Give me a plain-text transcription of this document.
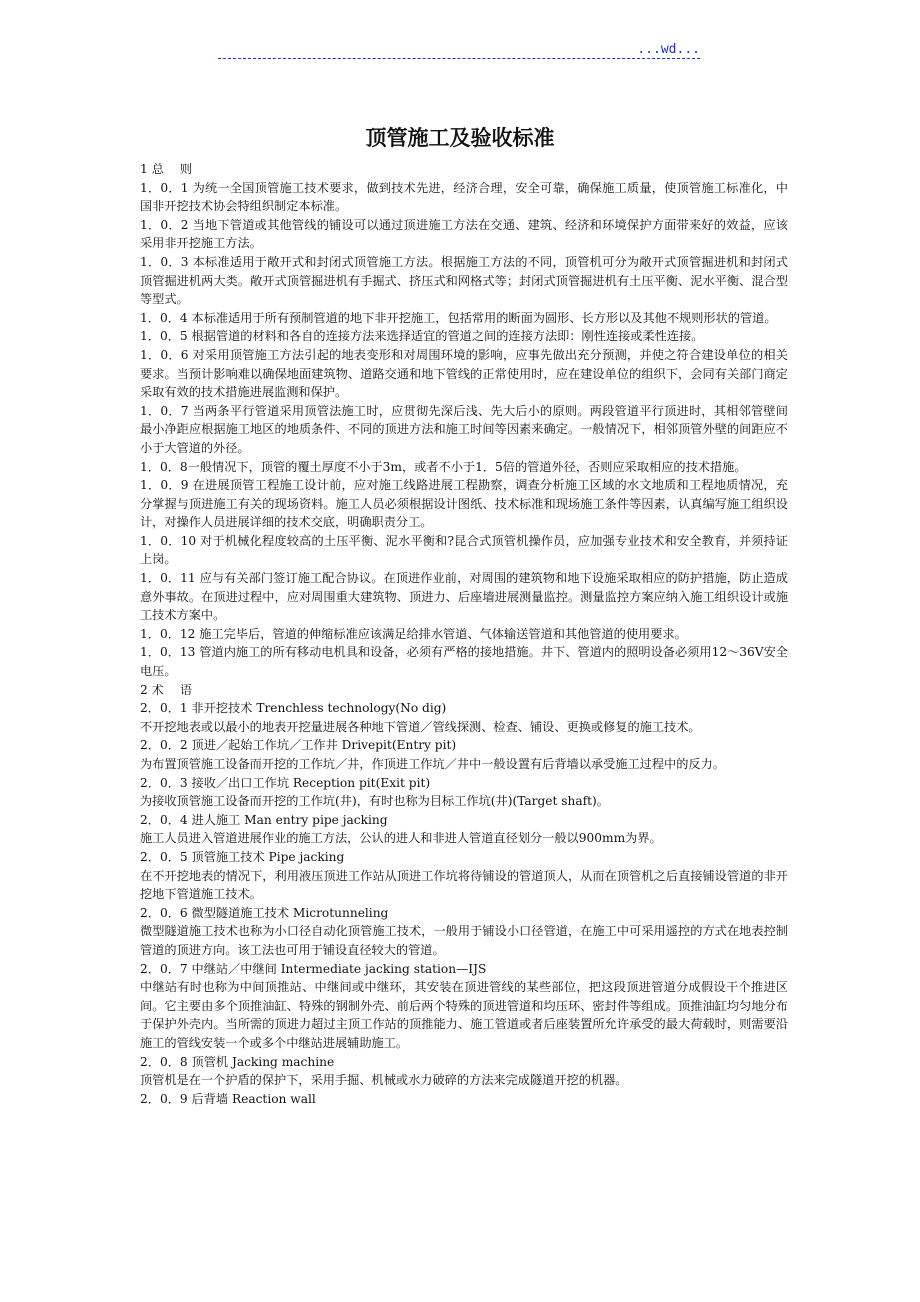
...wd...
顶管施工及验收标准

1 总　 则

1．0．1 为统一全国顶管施工技术要求，做到技术先进，经济合理，安全可靠，确保施工质量，使顶管施工标准化，中国非开挖技术协会特组织制定本标准。

1．0．2 当地下管道或其他管线的铺设可以通过顶进施工方法在交通、建筑、经济和环境保护方面带来好的效益，应该采用非开挖施工方法。

1．0．3 本标准适用于敞开式和封闭式顶管施工方法。根据施工方法的不同，顶管机可分为敞开式顶管掘进机和封闭式顶管掘进机两大类。敞开式顶管掘进机有手掘式、挤压式和网格式等；封闭式顶管掘进机有土压平衡、泥水平衡、混合型等型式。

1．0．4 本标准适用于所有预制管道的地下非开挖施工，包括常用的断面为圆形、长方形以及其他不规则形状的管道。

1．0．5 根据管道的材料和各自的连接方法来选择适宜的管道之间的连接方法即：刚性连接或柔性连接。

1．0．6 对采用顶管施工方法引起的地表变形和对周围环境的影响，应事先做出充分预测，并使之符合建设单位的相关要求。当预计影响难以确保地面建筑物、道路交通和地下管线的正常使用时，应在建设单位的组织下，会同有关部门商定采取有效的技术措施进展监测和保护。

1．0．7 当两条平行管道采用顶管法施工时，应贯彻先深后浅、先大后小的原则。两段管道平行顶进时，其相邻管壁间最小净距应根据施工地区的地质条件、不同的顶进方法和施工时间等因素来确定。一般情况下，相邻顶管外壁的间距应不小于大管道的外径。

1．0．8一般情况下，顶管的覆土厚度不小于3m，或者不小于1．5倍的管道外径，否则应采取相应的技术措施。

1．0．9 在进展顶管工程施工设计前，应对施工线路进展工程勘察，调查分析施工区域的水文地质和工程地质情况，充分掌握与顶进施工有关的现场资料。施工人员必须根据设计图纸、技术标准和现场施工条件等因素，认真编写施工组织设计，对操作人员进展详细的技术交底，明确职责分工。

1．0．10 对于机械化程度较高的土压平衡、泥水平衡和?昆合式顶管机操作员，应加强专业技术和安全教育，并须持证上岗。

1．0．11 应与有关部门签订施工配合协议。在顶进作业前，对周围的建筑物和地下设施采取相应的防护措施，防止造成意外事故。在顶进过程中，应对周围重大建筑物、顶进力、后座墙进展测量监控。测量监控方案应纳入施工组织设计或施工技术方案中。

1．0．12 施工完毕后，管道的伸缩标准应该满足给排水管道、气体输送管道和其他管道的使用要求。

1．0．13 管道内施工的所有移动电机具和设备，必须有严格的接地措施。井下、管道内的照明设备必须用12～36V安全电压。

2 术　 语

2．0．1 非开挖技术 Trenchless technology(No dig)

不开挖地表或以最小的地表开挖量进展各种地下管道／管线探测、检查、铺设、更换或修复的施工技术。

2．0．2 顶进／起始工作坑／工作井 Drivepit(Entry pit)

为布置顶管施工设备而开挖的工作坑／井，作顶进工作坑／井中一般设置有后背墙以承受施工过程中的反力。

2．0．3 接收／出口工作坑 Reception pit(Exit pit)

为接收顶管施工设备而开挖的工作坑(井)，有时也称为目标工作坑(井)(Target shaft)。

2．0．4 进人施工 Man entry pipe jacking

施工人员进入管道进展作业的施工方法，公认的进人和非进人管道直径划分一般以900mm为界。

2．0．5 顶管施工技术 Pipe jacking

在不开挖地表的情况下，利用液压顶进工作站从顶进工作坑将待铺设的管道顶人，从而在顶管机之后直接铺设管道的非开挖地下管道施工技术。

2．0．6 微型隧道施工技术 Microtunneling

微型隧道施工技术也称为小口径自动化顶管施工技术，一般用于铺设小口径管道，在施工中可采用遥控的方式在地表控制管道的顶进方向。该工法也可用于铺设直径较大的管道。

2．0．7 中继站／中继间 Intermediate jacking station—IJS

中继站有时也称为中间顶推站、中继间或中继环，其安装在顶进管线的某些部位，把这段顶进管道分成假设干个推进区间。它主要由多个顶推油缸、特殊的钢制外壳、前后两个特殊的顶进管道和均压环、密封件等组成。顶推油缸均匀地分布于保护外壳内。当所需的顶进力超过主顶工作站的顶推能力、施工管道或者后座装置所允许承受的最大荷载时，则需要沿施工的管线安装一个或多个中继站进展辅助施工。

2．0．8 顶管机 Jacking machine

顶管机是在一个护盾的保护下，采用手掘、机械或水力破碎的方法来完成隧道开挖的机器。

2．0．9 后背墙 Reaction wall
